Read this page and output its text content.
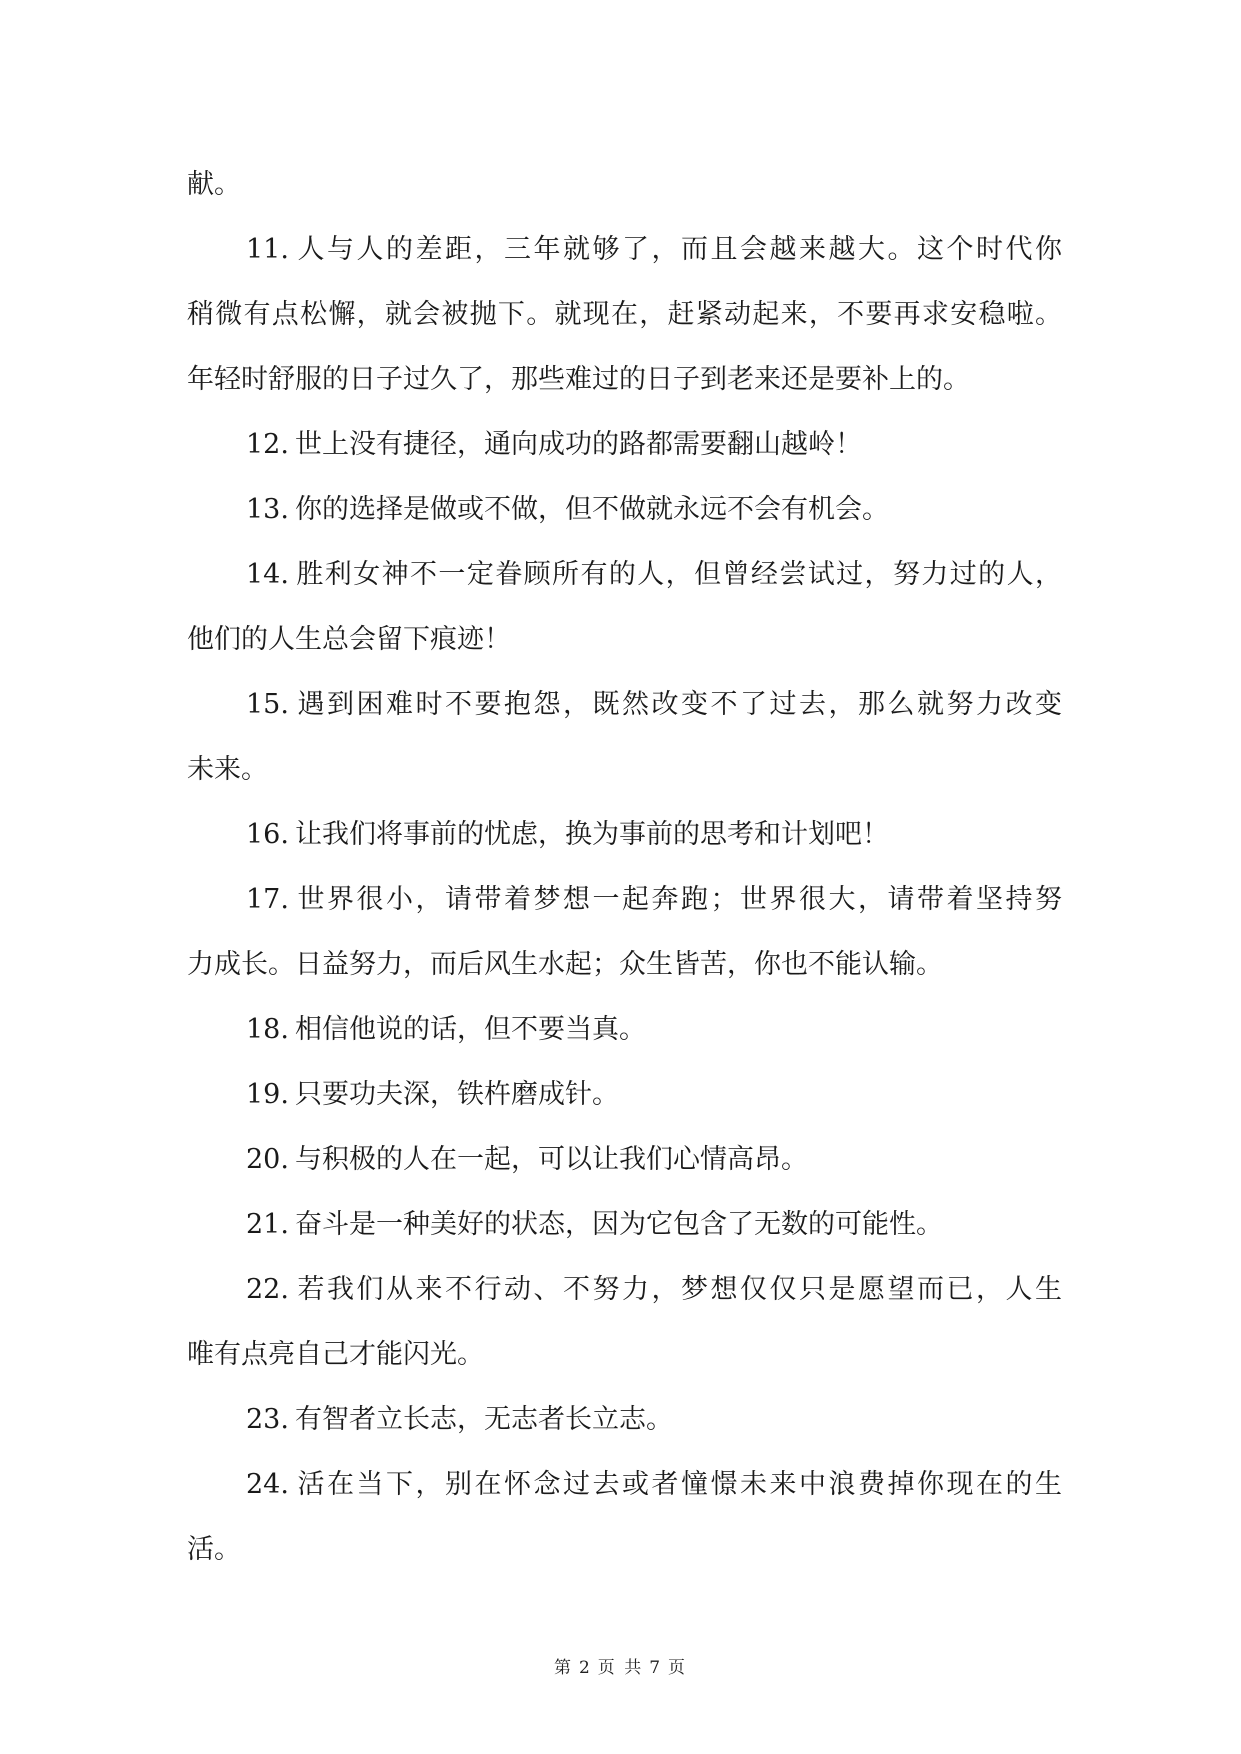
献。
11. 人与人的差距，三年就够了，而且会越来越大。这个时代你
稍微有点松懈，就会被抛下。就现在，赶紧动起来，不要再求安稳啦。
年轻时舒服的日子过久了，那些难过的日子到老来还是要补上的。
12. 世上没有捷径，通向成功的路都需要翻山越岭！
13. 你的选择是做或不做，但不做就永远不会有机会。
14. 胜利女神不一定眷顾所有的人，但曾经尝试过，努力过的人，
他们的人生总会留下痕迹！
15. 遇到困难时不要抱怨，既然改变不了过去，那么就努力改变
未来。
16. 让我们将事前的忧虑，换为事前的思考和计划吧！
17. 世界很小，请带着梦想一起奔跑；世界很大，请带着坚持努
力成长。日益努力，而后风生水起；众生皆苦，你也不能认输。
18. 相信他说的话，但不要当真。
19. 只要功夫深，铁杵磨成针。
20. 与积极的人在一起，可以让我们心情高昂。
21. 奋斗是一种美好的状态，因为它包含了无数的可能性。
22. 若我们从来不行动、不努力，梦想仅仅只是愿望而已，人生
唯有点亮自己才能闪光。
23. 有智者立长志，无志者长立志。
24. 活在当下，别在怀念过去或者憧憬未来中浪费掉你现在的生
活。
第 2 页 共 7 页
